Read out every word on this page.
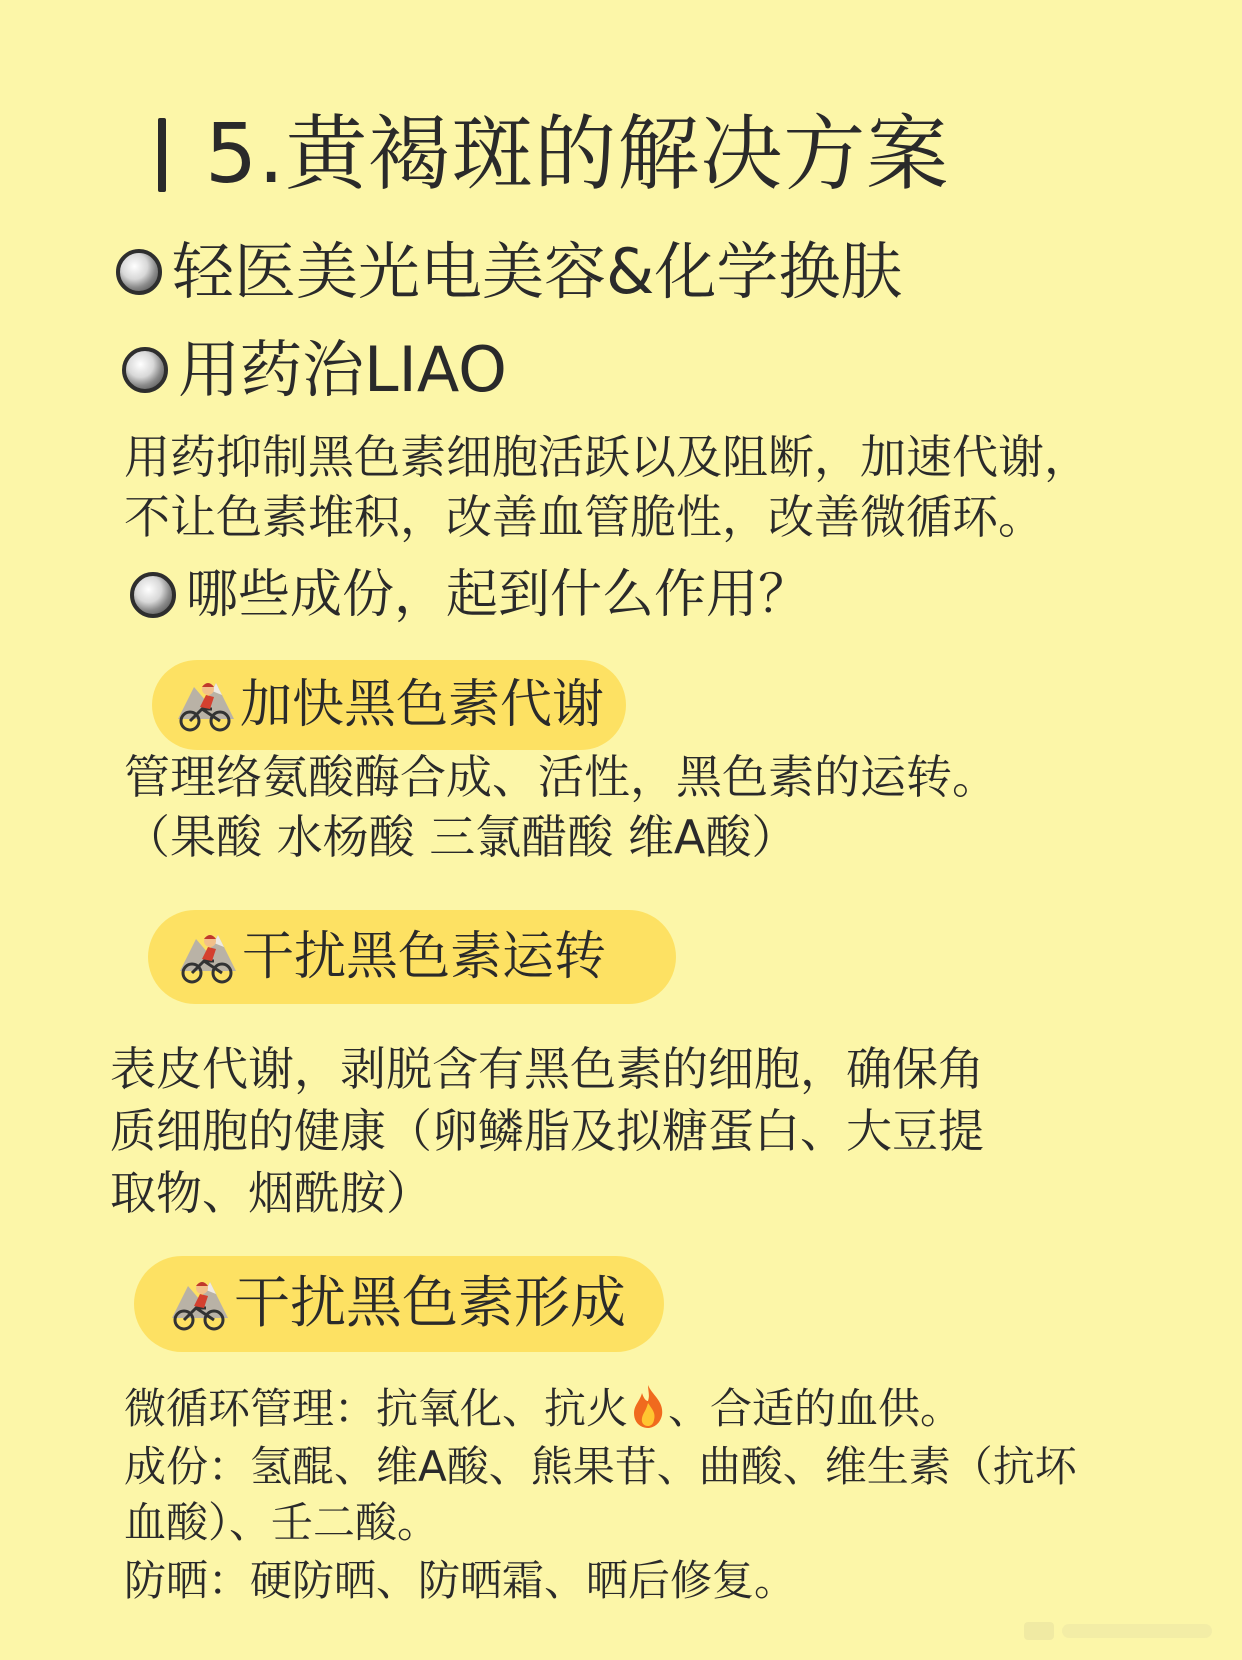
5.黄褐斑的解决方案
轻医美光电美容&化学换肤
用药治LIAO
用药抑制黑色素细胞活跃以及阻断，加速代谢，
不让色素堆积，改善血管脆性，改善微循环。
哪些成份，起到什么作用？
加快黑色素代谢
管理络氨酸酶合成、活性，黑色素的运转。
（果酸 水杨酸 三氯醋酸 维A酸）
干扰黑色素运转
表皮代谢，剥脱含有黑色素的细胞，确保角
质细胞的健康（卵鳞脂及拟糖蛋白、大豆提
取物、烟酰胺）
干扰黑色素形成
微循环管理：抗氧化、抗火 、合适的血供。
成份：氢醌、维A酸、熊果苷、曲酸、维生素（抗坏
血酸）、壬二酸。
防晒：硬防晒、防晒霜、晒后修复。
